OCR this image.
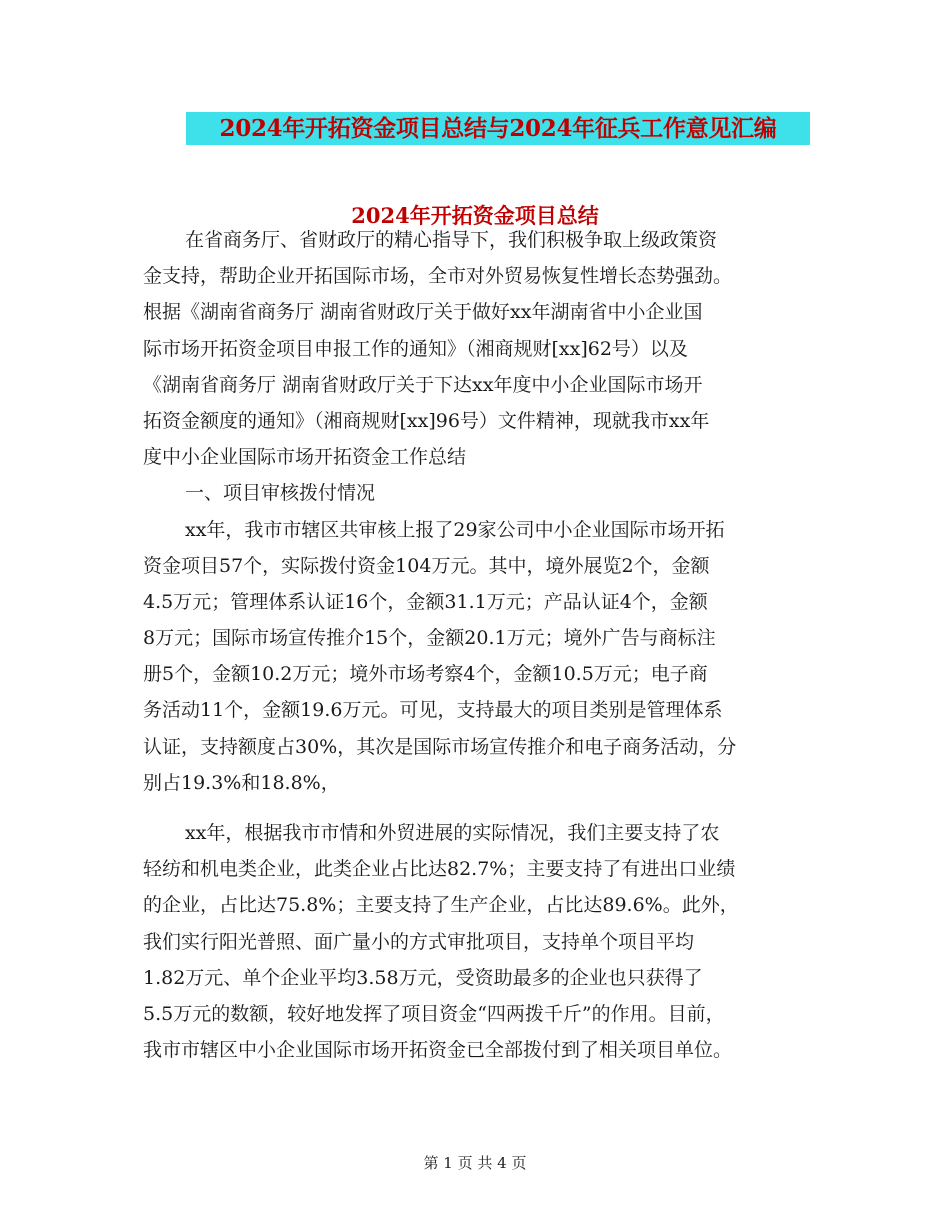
2024年开拓资金项目总结与2024年征兵工作意见汇编
2024年开拓资金项目总结
在省商务厅、省财政厅的精心指导下，我们积极争取上级政策资
金支持，帮助企业开拓国际市场，全市对外贸易恢复性增长态势强劲。
根据《湖南省商务厅 湖南省财政厅关于做好xx年湖南省中小企业国
际市场开拓资金项目申报工作的通知》（湘商规财[xx]62号）以及
《湖南省商务厅 湖南省财政厅关于下达xx年度中小企业国际市场开
拓资金额度的通知》（湘商规财[xx]96号）文件精神，现就我市xx年
度中小企业国际市场开拓资金工作总结
一、项目审核拨付情况
xx年，我市市辖区共审核上报了29家公司中小企业国际市场开拓
资金项目57个，实际拨付资金104万元。其中，境外展览2个，金额
4.5万元；管理体系认证16个，金额31.1万元；产品认证4个，金额
8万元；国际市场宣传推介15个，金额20.1万元；境外广告与商标注
册5个，金额10.2万元；境外市场考察4个，金额10.5万元；电子商
务活动11个，金额19.6万元。可见，支持最大的项目类别是管理体系
认证，支持额度占30%，其次是国际市场宣传推介和电子商务活动，分
别占19.3%和18.8%，
xx年，根据我市市情和外贸进展的实际情况，我们主要支持了农
轻纺和机电类企业，此类企业占比达82.7%；主要支持了有进出口业绩
的企业，占比达75.8%；主要支持了生产企业，占比达89.6%。此外，
我们实行阳光普照、面广量小的方式审批项目，支持单个项目平均
1.82万元、单个企业平均3.58万元，受资助最多的企业也只获得了
5.5万元的数额，较好地发挥了项目资金“四两拨千斤”的作用。目前，
我市市辖区中小企业国际市场开拓资金已全部拨付到了相关项目单位。
第 1 页 共 4 页
